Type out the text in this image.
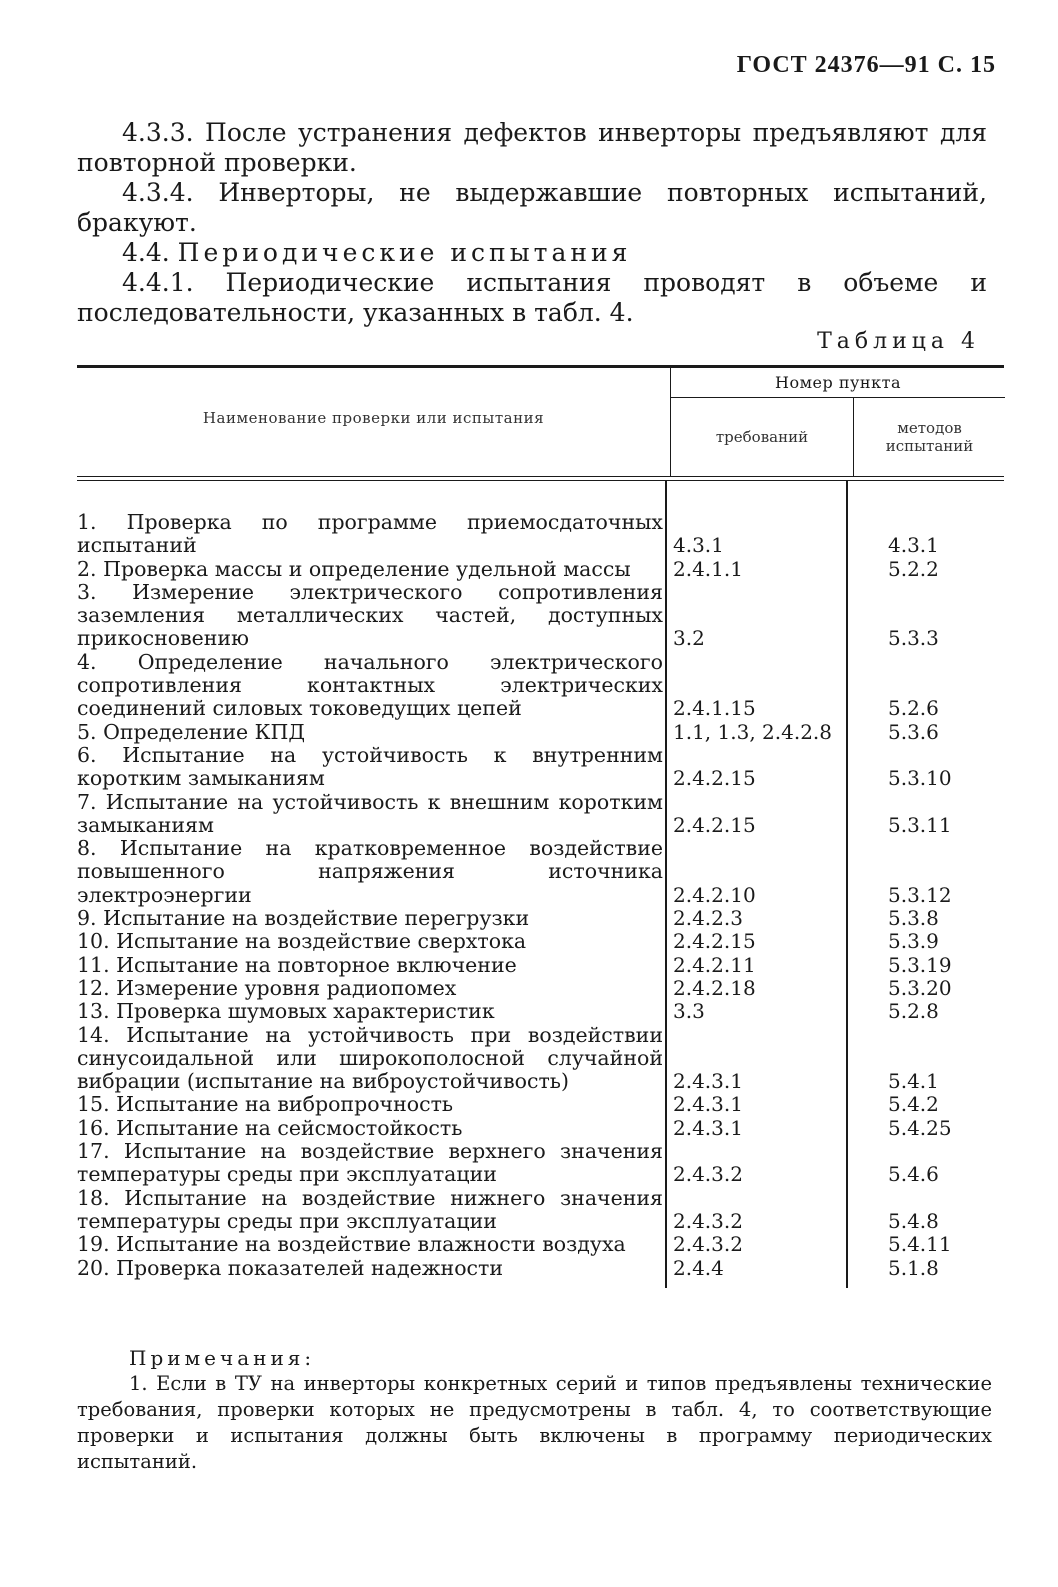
ГОСТ 24376—91 С. 15

4.3.3. После устранения дефектов инверторы предъявляют для повторной проверки.

4.3.4. Инверторы, не выдержавшие повторных испытаний, бракуют.

4.4. Периодические испытания

4.4.1. Периодические испытания проводят в объеме и последовательности, указанных в табл. 4.

Таблица 4
Наименование проверки или испытания
Номер пункта
требований	методов испытаний
1. Проверка по программе приемосдаточных испытаний	4.3.1	4.3.1
2. Проверка массы и определение удельной массы	2.4.1.1	5.2.2
3. Измерение электрического сопротивления заземления металлических частей, доступных прикосновению	3.2	5.3.3
4. Определение начального электрического сопротивления контактных электрических соединений силовых токоведущих цепей	2.4.1.15	5.2.6
5. Определение КПД	1.1, 1.3, 2.4.2.8	5.3.6
6. Испытание на устойчивость к внутренним коротким замыканиям	2.4.2.15	5.3.10
7. Испытание на устойчивость к внешним коротким замыканиям	2.4.2.15	5.3.11
8. Испытание на кратковременное воздействие повышенного напряжения источника электроэнергии	2.4.2.10	5.3.12
9. Испытание на воздействие перегрузки	2.4.2.3	5.3.8
10. Испытание на воздействие сверхтока	2.4.2.15	5.3.9
11. Испытание на повторное включение	2.4.2.11	5.3.19
12. Измерение уровня радиопомех	2.4.2.18	5.3.20
13. Проверка шумовых характеристик	3.3	5.2.8
14. Испытание на устойчивость при воздействии синусоидальной или широкополосной случайной вибрации (испытание на виброустойчивость)	2.4.3.1	5.4.1
15. Испытание на вибропрочность	2.4.3.1	5.4.2
16. Испытание на сейсмостойкость	2.4.3.1	5.4.25
17. Испытание на воздействие верхнего значения температуры среды при эксплуатации	2.4.3.2	5.4.6
18. Испытание на воздействие нижнего значения температуры среды при эксплуатации	2.4.3.2	5.4.8
19. Испытание на воздействие влажности воздуха	2.4.3.2	5.4.11
20. Проверка показателей надежности	2.4.4	5.1.8

Примечания:

1. Если в ТУ на инверторы конкретных серий и типов предъявлены технические требования, проверки которых не предусмотрены в табл. 4, то соответствующие проверки и испытания должны быть включены в программу периодических испытаний.
